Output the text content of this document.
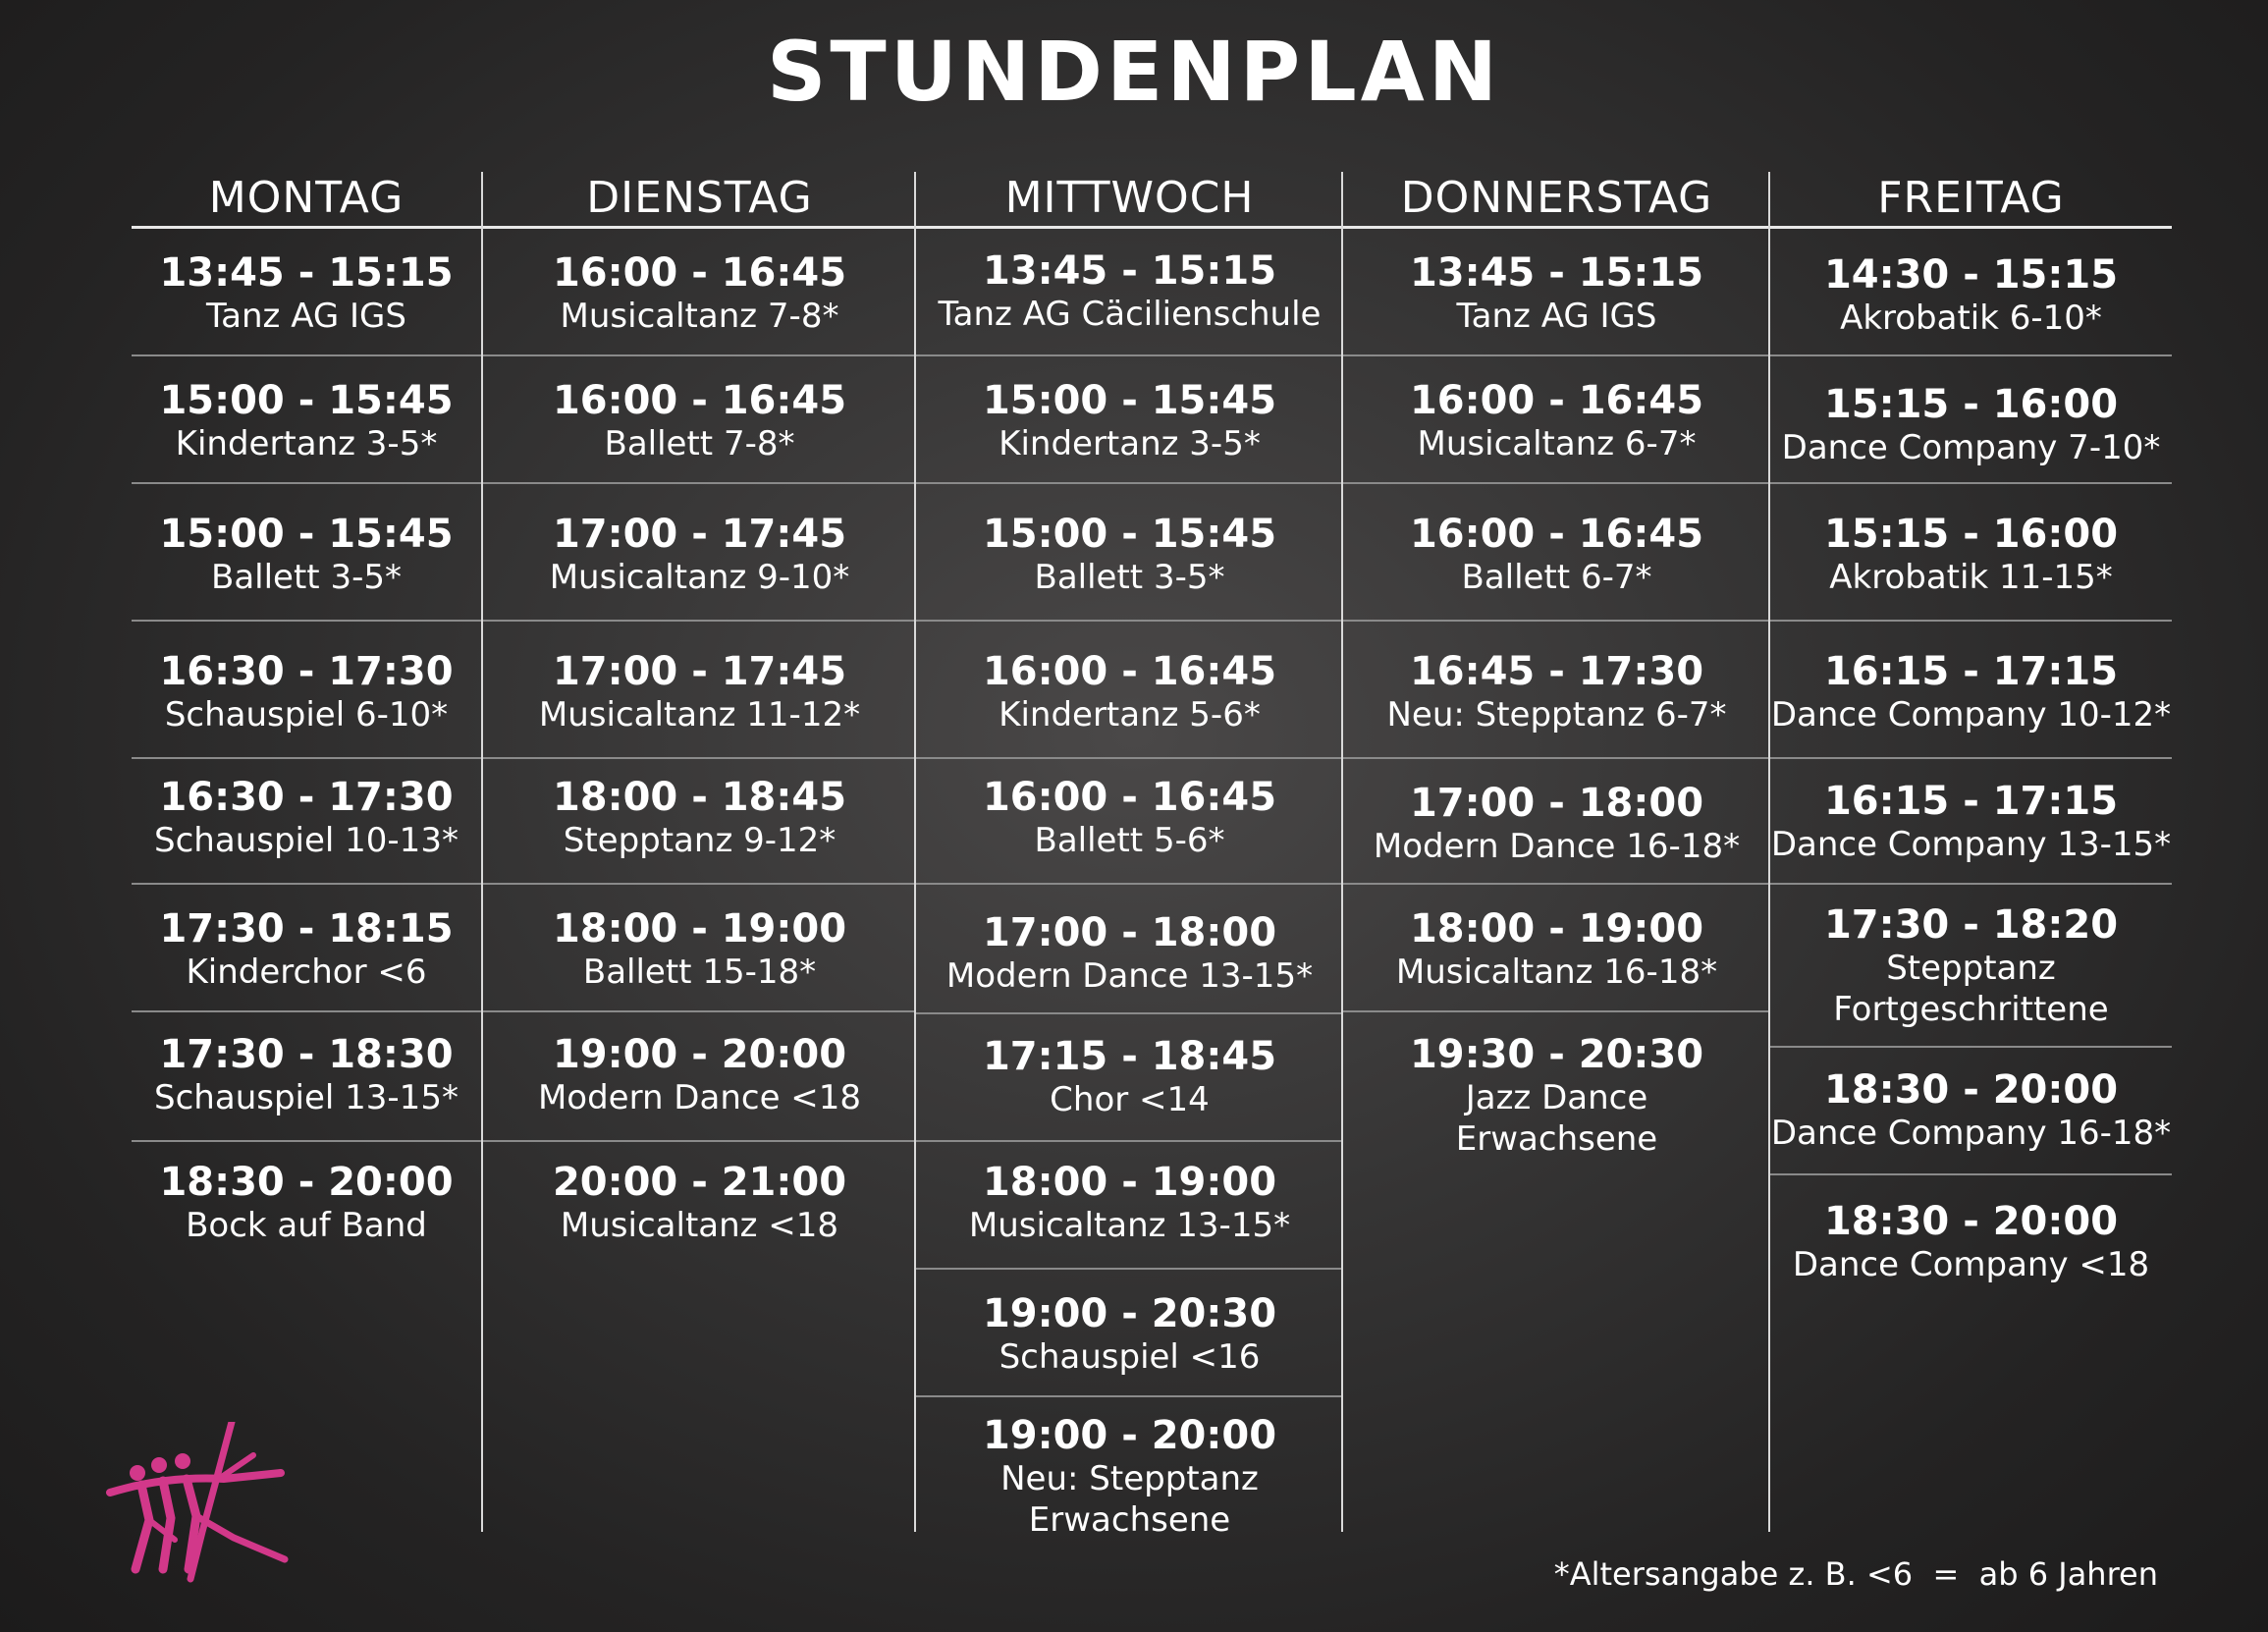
STUNDENPLAN
MONTAG
13:45 - 15:15
Tanz AG IGS
15:00 - 15:45
Kindertanz 3-5*
15:00 - 15:45
Ballett 3-5*
16:30 - 17:30
Schauspiel 6-10*
16:30 - 17:30
Schauspiel 10-13*
17:30 - 18:15
Kinderchor <6
17:30 - 18:30
Schauspiel 13-15*
18:30 - 20:00
Bock auf Band
DIENSTAG
16:00 - 16:45
Musicaltanz 7-8*
16:00 - 16:45
Ballett 7-8*
17:00 - 17:45
Musicaltanz 9-10*
17:00 - 17:45
Musicaltanz 11-12*
18:00 - 18:45
Stepptanz 9-12*
18:00 - 19:00
Ballett 15-18*
19:00 - 20:00
Modern Dance <18
20:00 - 21:00
Musicaltanz <18
MITTWOCH
13:45 - 15:15
Tanz AG Cäcilienschule
15:00 - 15:45
Kindertanz 3-5*
15:00 - 15:45
Ballett 3-5*
16:00 - 16:45
Kindertanz 5-6*
16:00 - 16:45
Ballett 5-6*
17:00 - 18:00
Modern Dance 13-15*
17:15 - 18:45
Chor <14
18:00 - 19:00
Musicaltanz 13-15*
19:00 - 20:30
Schauspiel <16
19:00 - 20:00
Neu: Stepptanz
Erwachsene
DONNERSTAG
13:45 - 15:15
Tanz AG IGS
16:00 - 16:45
Musicaltanz 6-7*
16:00 - 16:45
Ballett 6-7*
16:45 - 17:30
Neu: Stepptanz 6-7*
17:00 - 18:00
Modern Dance 16-18*
18:00 - 19:00
Musicaltanz 16-18*
19:30 - 20:30
Jazz Dance
Erwachsene
FREITAG
14:30 - 15:15
Akrobatik 6-10*
15:15 - 16:00
Dance Company 7-10*
15:15 - 16:00
Akrobatik 11-15*
16:15 - 17:15
Dance Company 10-12*
16:15 - 17:15
Dance Company 13-15*
17:30 - 18:20
Stepptanz
Fortgeschrittene
18:30 - 20:00
Dance Company 16-18*
18:30 - 20:00
Dance Company <18
*Altersangabe z. B. <6  =  ab 6 Jahren
